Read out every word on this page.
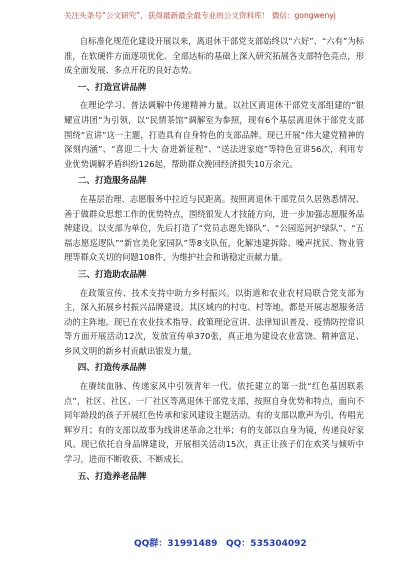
关注头条号“公文研究”，获得最新最全最专业的公文资料库！ 微信：gongwenyj

自标准化规范化建设开展以来，离退休干部党支部始终以“六好”、“六有”为标准，在软硬件方面逐项优化、全部达标的基础上深入研究拓展各支部特色亮点，形成全面发展、多点开花的良好态势。

一、打造宣讲品牌

在理论学习、普法调解中传递精神力量。以社区离退休干部党支部组建的“银耀宣讲团”为引领，以“民情茶馆”调解室为参照，现有6个基层离退休干部党支部围绕“宣讲”这一主题，打造具有自身特色的支部品牌。现已开展“伟大建党精神的深刻内涵”、“喜迎二十大 奋进新征程”、“送法进家庭”等特色宣讲56次，利用专业优势调解矛盾纠纷126起，帮助群众挽回经济损失10万余元。

二、打造服务品牌

在基层治理、志愿服务中拉近与民距离。按照离退休干部党员久居熟悉情况、善于做群众思想工作的优势特点，围绕银发人才技能方向，进一步加强志愿服务品牌建设。以支部为单位，先后打造了“党员志愿先锋队”、“公园巡河护绿队”、“五福志愿巡逻队”“新官美化家园队”等8支队伍，化解违建拆除、噪声扰民、物业管理等群众关切的问题108件，为维护社会和谐稳定贡献力量。

三、打造助农品牌

在政策宣传、技术支持中助力乡村振兴。以街道和农业农村局联合党支部为主，深入拓展乡村振兴品牌建设。其区域内的村屯、村等地，都是开展志愿服务活动的主阵地。现已在农业技术指导、政策理论宣讲、法律知识普及、疫情防控常识等方面开展活动12次，发放宣传单370张，真正地为建设农业富饶、精神富足、乡风文明的新乡村贡献出银发力量。

四、打造传承品牌

在赓续血脉、传递家风中引领青年一代。依托建立的第一批“红色基因联系点”，社区、社区、一厂社区等离退休干部党支部，按照自身优势和特点，面向不同年龄段的孩子开展红色传承和家风建设主题活动。有的支部以歌声为引，传唱光辉岁月；有的支部以故事为线讲述革命之壮举；有的支部以自身为镜，传递良好家风。现已依托自身品牌建设，开展相关活动15次，真正让孩子们在欢笑与倾听中学习，进而不断收获、不断成长。

五、打造养老品牌
QQ群：31991489 QQ：535304092
